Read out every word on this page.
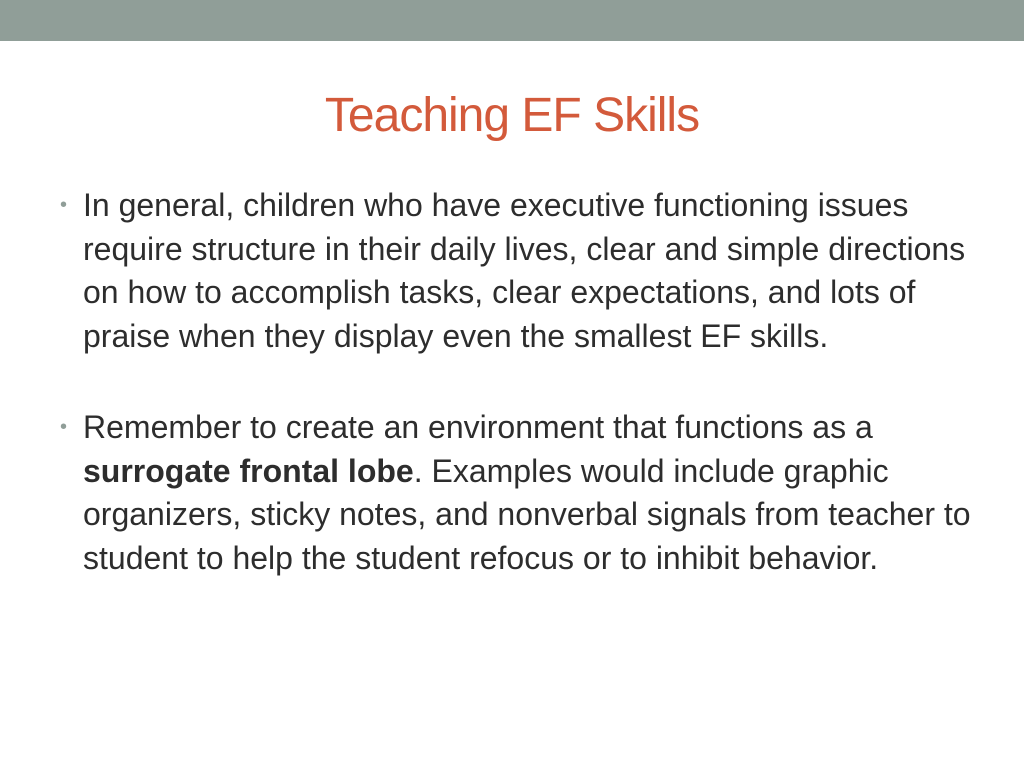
Teaching EF Skills

• In general, children who have executive functioning issues require structure in their daily lives, clear and simple directions on how to accomplish tasks, clear expectations, and lots of praise when they display even the smallest EF skills.

• Remember to create an environment that functions as a surrogate frontal lobe. Examples would include graphic organizers, sticky notes, and nonverbal signals from teacher to student to help the student refocus or to inhibit behavior.
